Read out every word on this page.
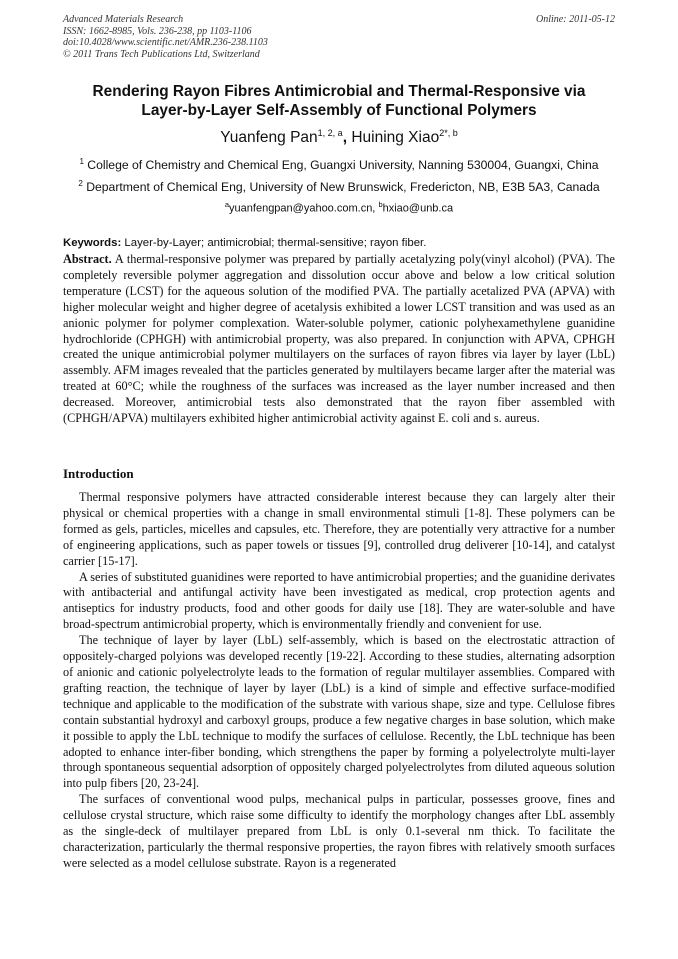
Advanced Materials Research	Online: 2011-05-12
ISSN: 1662-8985, Vols. 236-238, pp 1103-1106
doi:10.4028/www.scientific.net/AMR.236-238.1103
© 2011 Trans Tech Publications Ltd, Switzerland
Rendering Rayon Fibres Antimicrobial and Thermal-Responsive via
Layer-by-Layer Self-Assembly of Functional Polymers
Yuanfeng Pan$^{1, 2, a}$, Huining Xiao$^{2*, b}$
$^1$ College of Chemistry and Chemical Eng, Guangxi University, Nanning 530004, Guangxi, China
$^2$ Department of Chemical Eng, University of New Brunswick, Fredericton, NB, E3B 5A3, Canada
$^a$yuanfengpan@yahoo.com.cn, $^b$hxiao@unb.ca
Keywords: Layer-by-Layer; antimicrobial; thermal-sensitive; rayon fiber.

Abstract. A thermal-responsive polymer was prepared by partially acetalyzing poly(vinyl alcohol) (PVA). The completely reversible polymer aggregation and dissolution occur above and below a low critical solution temperature (LCST) for the aqueous solution of the modified PVA. The partially acetalized PVA (APVA) with higher molecular weight and higher degree of acetalysis exhibited a lower LCST transition and was used as an anionic polymer for polymer complexation. Water-soluble polymer, cationic polyhexamethylene guanidine hydrochloride (CPHGH) with antimicrobial property, was also prepared. In conjunction with APVA, CPHGH created the unique antimicrobial polymer multilayers on the surfaces of rayon fibres via layer by layer (LbL) assembly. AFM images revealed that the particles generated by multilayers became larger after the material was treated at 60°C; while the roughness of the surfaces was increased as the layer number increased and then decreased. Moreover, antimicrobial tests also demonstrated that the rayon fiber assembled with (CPHGH/APVA) multilayers exhibited higher antimicrobial activity against E. coli and s. aureus.

Introduction

Thermal responsive polymers have attracted considerable interest because they can largely alter their physical or chemical properties with a change in small environmental stimuli [1-8]. These polymers can be formed as gels, particles, micelles and capsules, etc. Therefore, they are potentially very attractive for a number of engineering applications, such as paper towels or tissues [9], controlled drug deliverer [10-14], and catalyst carrier [15-17].

A series of substituted guanidines were reported to have antimicrobial properties; and the guanidine derivates with antibacterial and antifungal activity have been investigated as medical, crop protection agents and antiseptics for industry products, food and other goods for daily use [18]. They are water-soluble and have broad-spectrum antimicrobial property, which is environmentally friendly and convenient for use.

The technique of layer by layer (LbL) self-assembly, which is based on the electrostatic attraction of oppositely-charged polyions was developed recently [19-22]. According to these studies, alternating adsorption of anionic and cationic polyelectrolyte leads to the formation of regular multilayer assemblies. Compared with grafting reaction, the technique of layer by layer (LbL) is a kind of simple and effective surface-modified technique and applicable to the modification of the substrate with various shape, size and type. Cellulose fibres contain substantial hydroxyl and carboxyl groups, produce a few negative charges in base solution, which make it possible to apply the LbL technique to modify the surfaces of cellulose. Recently, the LbL technique has been adopted to enhance inter-fiber bonding, which strengthens the paper by forming a polyelectrolyte multi-layer through spontaneous sequential adsorption of oppositely charged polyelectrolytes from diluted aqueous solution into pulp fibers [20, 23-24].

The surfaces of conventional wood pulps, mechanical pulps in particular, possesses groove, fines and cellulose crystal structure, which raise some difficulty to identify the morphology changes after LbL assembly as the single-deck of multilayer prepared from LbL is only 0.1-several nm thick. To facilitate the characterization, particularly the thermal responsive properties, the rayon fibres with relatively smooth surfaces were selected as a model cellulose substrate. Rayon is a regenerated
